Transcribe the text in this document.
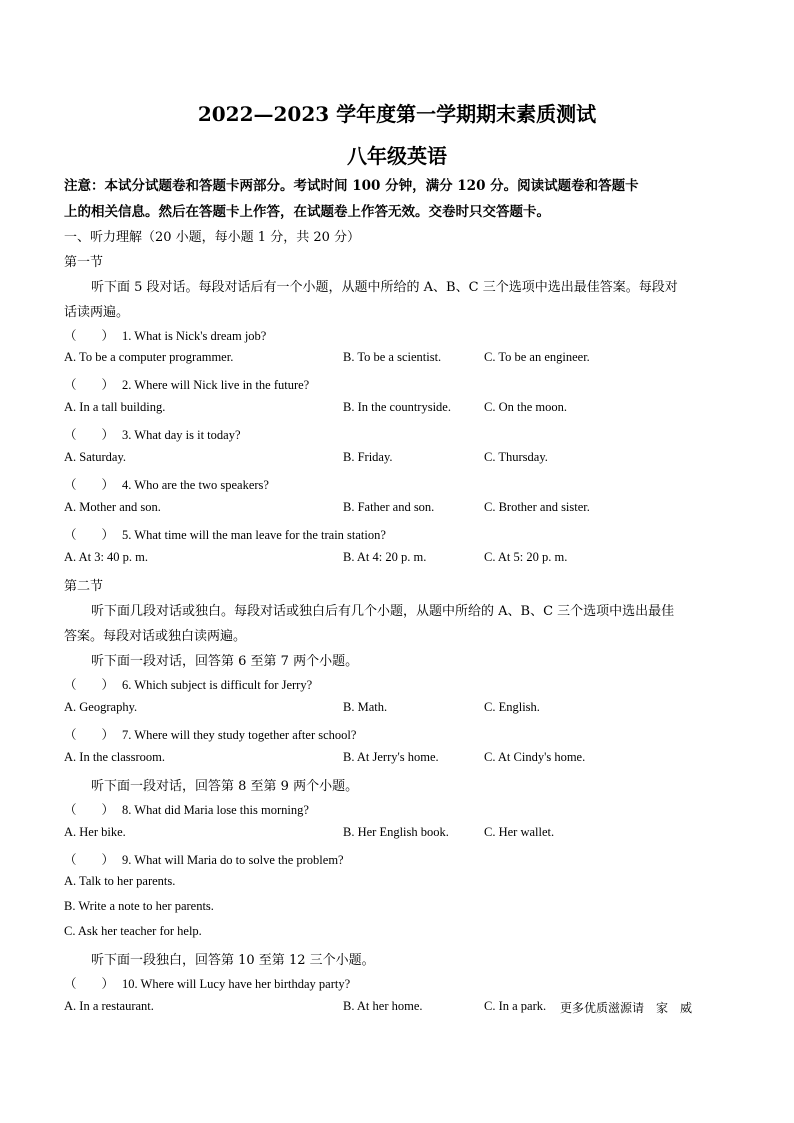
2022—2023 学年度第一学期期末素质测试
八年级英语
注意：本试分试题卷和答题卡两部分。考试时间 100 分钟，满分 120 分。阅读试题卷和答题卡
上的相关信息。然后在答题卡上作答，在试题卷上作答无效。交卷时只交答题卡。
一、听力理解（20 小题，每小题 1 分，共 20 分）
第一节
听下面 5 段对话。每段对话后有一个小题，从题中所给的 A、B、C 三个选项中选出最佳答案。每段对
话读两遍。
（　　） 1. What is Nick's dream job?
A. To be a computer programmer.	B. To be a scientist.	C. To be an engineer.
（　　） 2. Where will Nick live in the future?
A. In a tall building.	B. In the countryside.	C. On the moon.
（　　） 3. What day is it today?
A. Saturday.	B. Friday.	C. Thursday.
（　　） 4. Who are the two speakers?
A. Mother and son.	B. Father and son.	C. Brother and sister.
（　　） 5. What time will the man leave for the train station?
A. At 3: 40 p. m.	B. At 4: 20 p. m.	C. At 5: 20 p. m.
第二节
听下面几段对话或独白。每段对话或独白后有几个小题，从题中所给的 A、B、C 三个选项中选出最佳
答案。每段对话或独白读两遍。
听下面一段对话，回答第 6 至第 7 两个小题。
（　　） 6. Which subject is difficult for Jerry?
A. Geography.	B. Math.	C. English.
（　　） 7. Where will they study together after school?
A. In the classroom.	B. At Jerry's home.	C. At Cindy's home.
听下面一段对话，回答第 8 至第 9 两个小题。
（　　） 8. What did Maria lose this morning?
A. Her bike.	B. Her English book.	C. Her wallet.
（　　） 9. What will Maria do to solve the problem?
A. Talk to her parents.
B. Write a note to her parents.
C. Ask her teacher for help.
听下面一段独白，回答第 10 至第 12 三个小题。
（　　） 10. Where will Lucy have her birthday party?
A. In a restaurant.	B. At her home.	C. In a park. 更多优质滋源请　家　威
